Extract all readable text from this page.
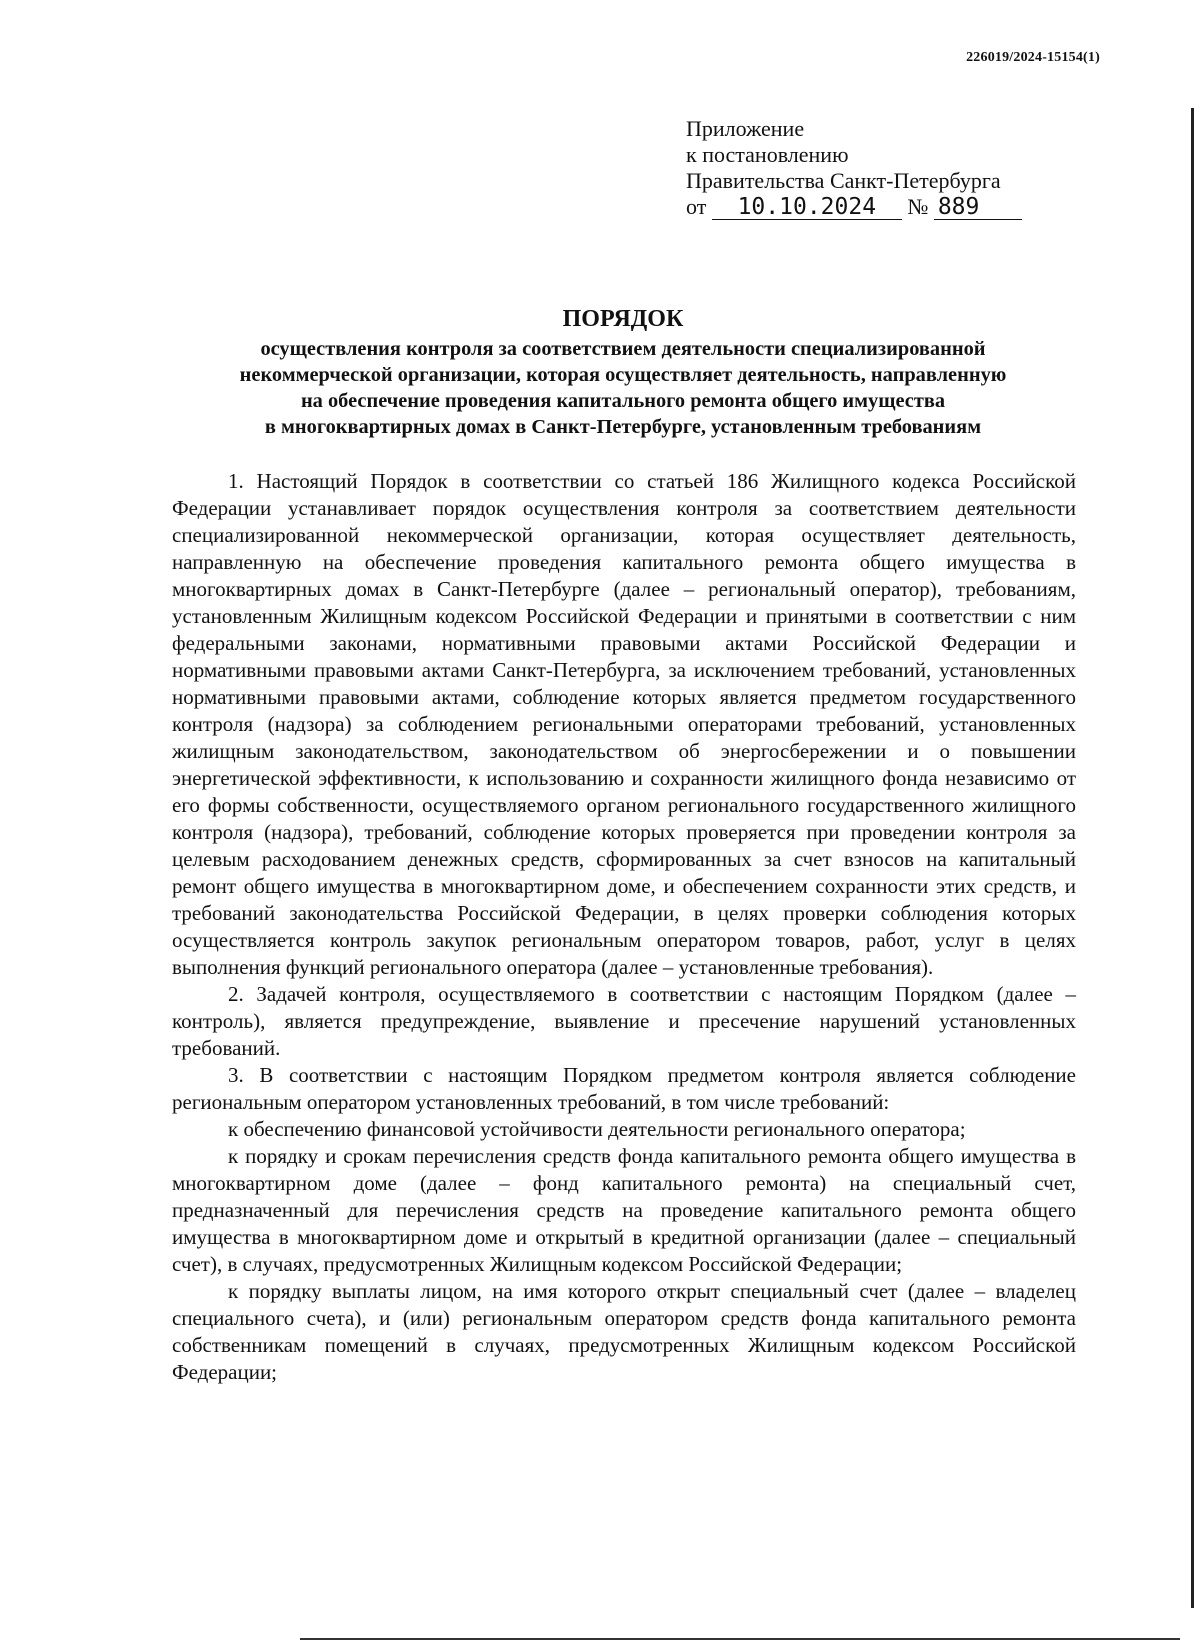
226019/2024-15154(1)
Приложение
к постановлению
Правительства Санкт-Петербурга
от 10.10.2024 № 889
ПОРЯДОК
осуществления контроля за соответствием деятельности специализированной
некоммерческой организации, которая осуществляет деятельность, направленную
на обеспечение проведения капитального ремонта общего имущества
в многоквартирных домах в Санкт-Петербурге, установленным требованиям

1. Настоящий Порядок в соответствии со статьей 186 Жилищного кодекса Российской Федерации устанавливает порядок осуществления контроля за соответствием деятельности специализированной некоммерческой организации, которая осуществляет деятельность, направленную на обеспечение проведения капитального ремонта общего имущества в многоквартирных домах в Санкт-Петербурге (далее – региональный оператор), требованиям, установленным Жилищным кодексом Российской Федерации и принятыми в соответствии с ним федеральными законами, нормативными правовыми актами Российской Федерации и нормативными правовыми актами Санкт-Петербурга, за исключением требований, установленных нормативными правовыми актами, соблюдение которых является предметом государственного контроля (надзора) за соблюдением региональными операторами требований, установленных жилищным законодательством, законодательством об энергосбережении и о повышении энергетической эффективности, к использованию и сохранности жилищного фонда независимо от его формы собственности, осуществляемого органом регионального государственного жилищного контроля (надзора), требований, соблюдение которых проверяется при проведении контроля за целевым расходованием денежных средств, сформированных за счет взносов на капитальный ремонт общего имущества в многоквартирном доме, и обеспечением сохранности этих средств, и требований законодательства Российской Федерации, в целях проверки соблюдения которых осуществляется контроль закупок региональным оператором товаров, работ, услуг в целях выполнения функций регионального оператора (далее – установленные требования).

2. Задачей контроля, осуществляемого в соответствии с настоящим Порядком (далее – контроль), является предупреждение, выявление и пресечение нарушений установленных требований.

3. В соответствии с настоящим Порядком предметом контроля является соблюдение региональным оператором установленных требований, в том числе требований:

к обеспечению финансовой устойчивости деятельности регионального оператора;

к порядку и срокам перечисления средств фонда капитального ремонта общего имущества в многоквартирном доме (далее – фонд капитального ремонта) на специальный счет, предназначенный для перечисления средств на проведение капитального ремонта общего имущества в многоквартирном доме и открытый в кредитной организации (далее – специальный счет), в случаях, предусмотренных Жилищным кодексом Российской Федерации;

к порядку выплаты лицом, на имя которого открыт специальный счет (далее – владелец специального счета), и (или) региональным оператором средств фонда капитального ремонта собственникам помещений в случаях, предусмотренных Жилищным кодексом Российской Федерации;
